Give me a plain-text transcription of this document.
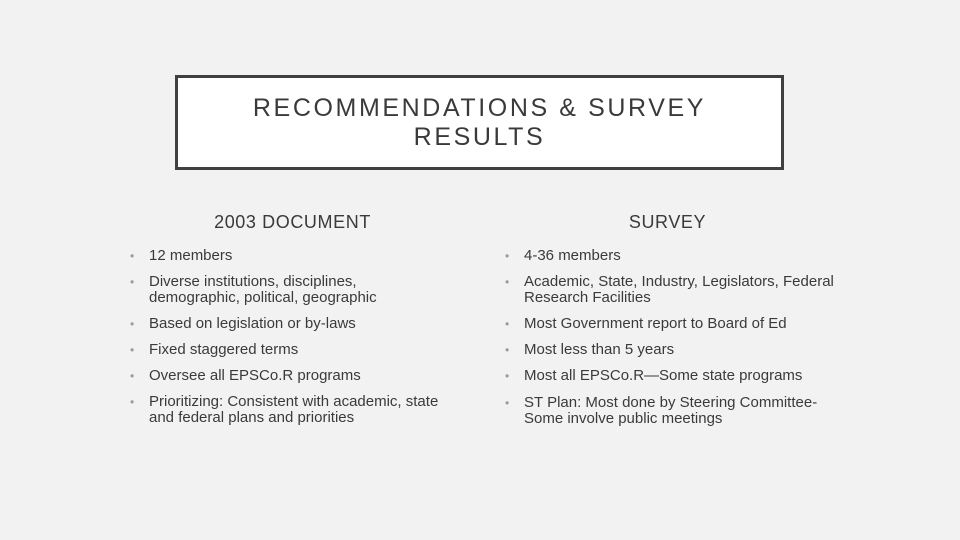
RECOMMENDATIONS & SURVEY RESULTS
2003 DOCUMENT	SURVEY
• 12 members
• Diverse institutions, disciplines, demographic, political, geographic
• Based on legislation or by-laws
• Fixed staggered terms
• Oversee all EPSCo.R programs
• Prioritizing: Consistent with academic, state and federal plans and priorities
• 4-36 members
• Academic, State, Industry, Legislators, Federal Research Facilities
• Most Government report to Board of Ed
• Most less than 5 years
• Most all EPSCo.R—Some state programs
• ST Plan: Most done by Steering Committee-Some involve public meetings
